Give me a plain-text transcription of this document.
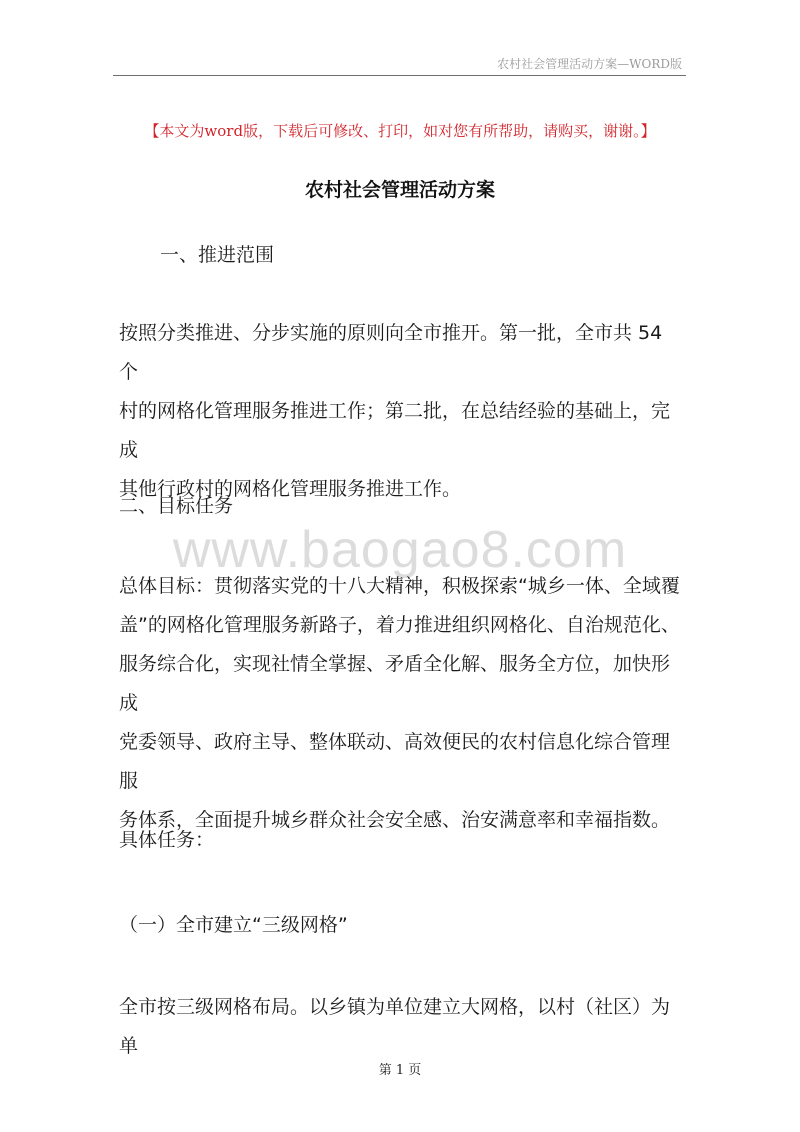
农村社会管理活动方案—WORD版
【本文为word版，下载后可修改、打印，如对您有所帮助，请购买，谢谢。】
农村社会管理活动方案
一、推进范围
按照分类推进、分步实施的原则向全市推开。第一批，全市共 54 个
村的网格化管理服务推进工作；第二批，在总结经验的基础上，完成
其他行政村的网格化管理服务推进工作。
二、目标任务
www.baogao8.com
总体目标：贯彻落实党的十八大精神，积极探索“城乡一体、全域覆
盖”的网格化管理服务新路子，着力推进组织网格化、自治规范化、
服务综合化，实现社情全掌握、矛盾全化解、服务全方位，加快形成
党委领导、政府主导、整体联动、高效便民的农村信息化综合管理服
务体系，全面提升城乡群众社会安全感、治安满意率和幸福指数。
具体任务：
（一）全市建立“三级网格”
全市按三级网格布局。以乡镇为单位建立大网格，以村（社区）为单
第 1 页
